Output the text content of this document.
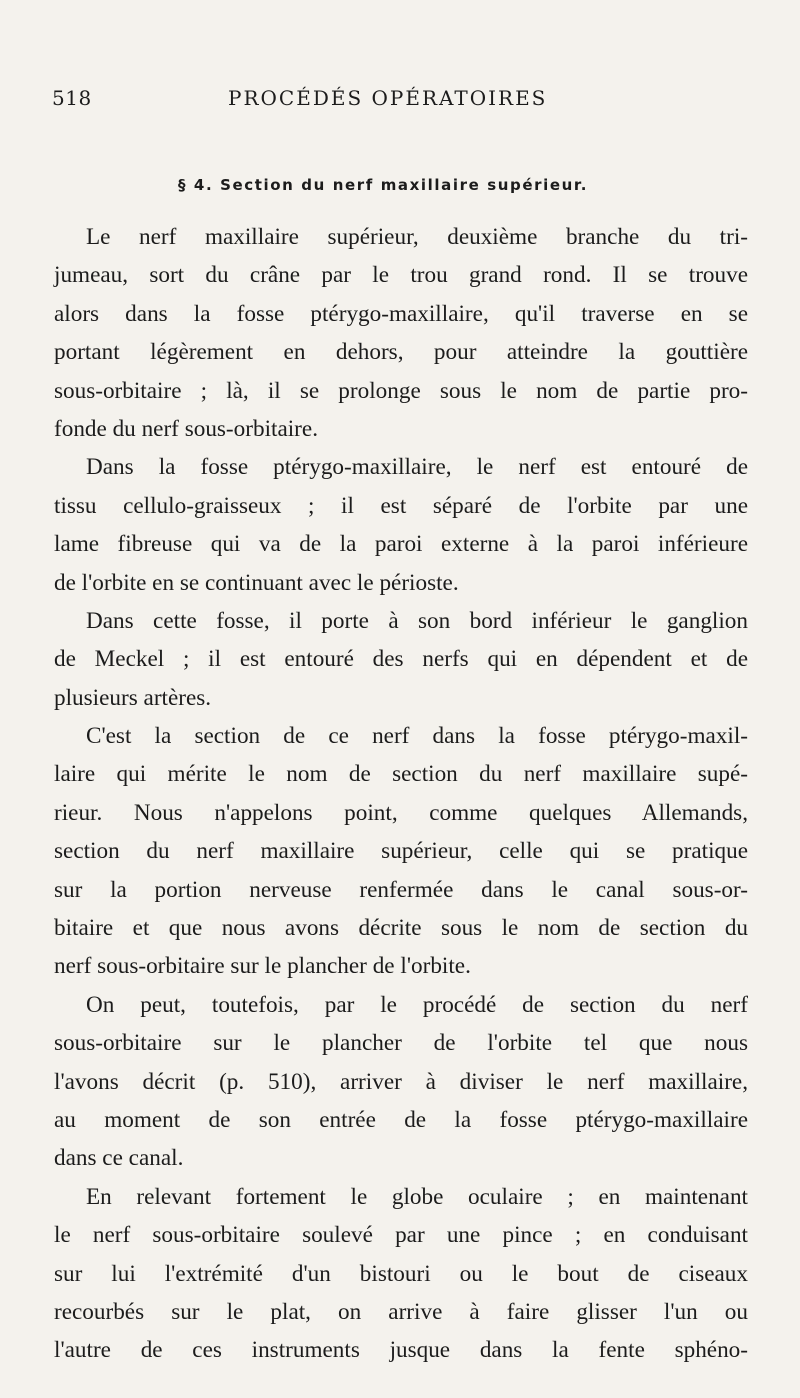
518	PROCÉDÉS OPÉRATOIRES
§ 4. Section du nerf maxillaire supérieur.
Le nerf maxillaire supérieur, deuxième branche du tri-
jumeau, sort du crâne par le trou grand rond. Il se trouve
alors dans la fosse ptérygo-maxillaire, qu'il traverse en se
portant légèrement en dehors, pour atteindre la gouttière
sous-orbitaire ; là, il se prolonge sous le nom de partie pro-
fonde du nerf sous-orbitaire.
Dans la fosse ptérygo-maxillaire, le nerf est entouré de
tissu cellulo-graisseux ; il est séparé de l'orbite par une
lame fibreuse qui va de la paroi externe à la paroi inférieure
de l'orbite en se continuant avec le périoste.
Dans cette fosse, il porte à son bord inférieur le ganglion
de Meckel ; il est entouré des nerfs qui en dépendent et de
plusieurs artères.
C'est la section de ce nerf dans la fosse ptérygo-maxil-
laire qui mérite le nom de section du nerf maxillaire supé-
rieur. Nous n'appelons point, comme quelques Allemands,
section du nerf maxillaire supérieur, celle qui se pratique
sur la portion nerveuse renfermée dans le canal sous-or-
bitaire et que nous avons décrite sous le nom de section du
nerf sous-orbitaire sur le plancher de l'orbite.
On peut, toutefois, par le procédé de section du nerf
sous-orbitaire sur le plancher de l'orbite tel que nous
l'avons décrit (p. 510), arriver à diviser le nerf maxillaire,
au moment de son entrée de la fosse ptérygo-maxillaire
dans ce canal.
En relevant fortement le globe oculaire ; en maintenant
le nerf sous-orbitaire soulevé par une pince ; en conduisant
sur lui l'extrémité d'un bistouri ou le bout de ciseaux
recourbés sur le plat, on arrive à faire glisser l'un ou
l'autre de ces instruments jusque dans la fente sphéno-
